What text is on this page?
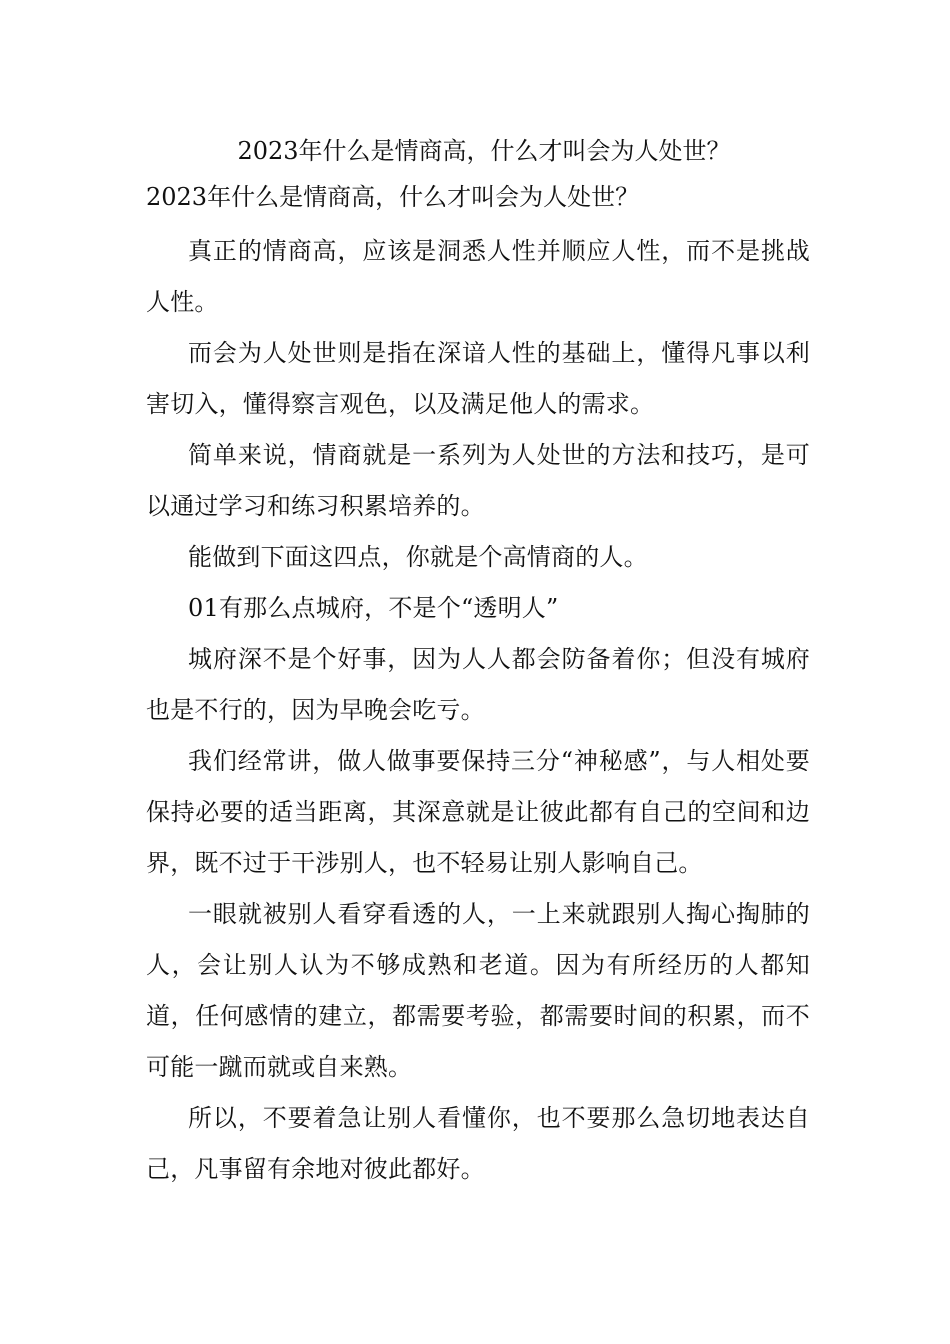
2023年什么是情商高，什么才叫会为人处世？

2023年什么是情商高，什么才叫会为人处世？

真正的情商高，应该是洞悉人性并顺应人性，而不是挑战人性。

而会为人处世则是指在深谙人性的基础上，懂得凡事以利害切入，懂得察言观色，以及满足他人的需求。

简单来说，情商就是一系列为人处世的方法和技巧，是可以通过学习和练习积累培养的。

能做到下面这四点，你就是个高情商的人。

01有那么点城府，不是个“透明人”

城府深不是个好事，因为人人都会防备着你；但没有城府也是不行的，因为早晚会吃亏。

我们经常讲，做人做事要保持三分“神秘感”，与人相处要保持必要的适当距离，其深意就是让彼此都有自己的空间和边界，既不过于干涉别人，也不轻易让别人影响自己。

一眼就被别人看穿看透的人，一上来就跟别人掏心掏肺的人，会让别人认为不够成熟和老道。因为有所经历的人都知道，任何感情的建立，都需要考验，都需要时间的积累，而不可能一蹴而就或自来熟。

所以，不要着急让别人看懂你，也不要那么急切地表达自己，凡事留有余地对彼此都好。
